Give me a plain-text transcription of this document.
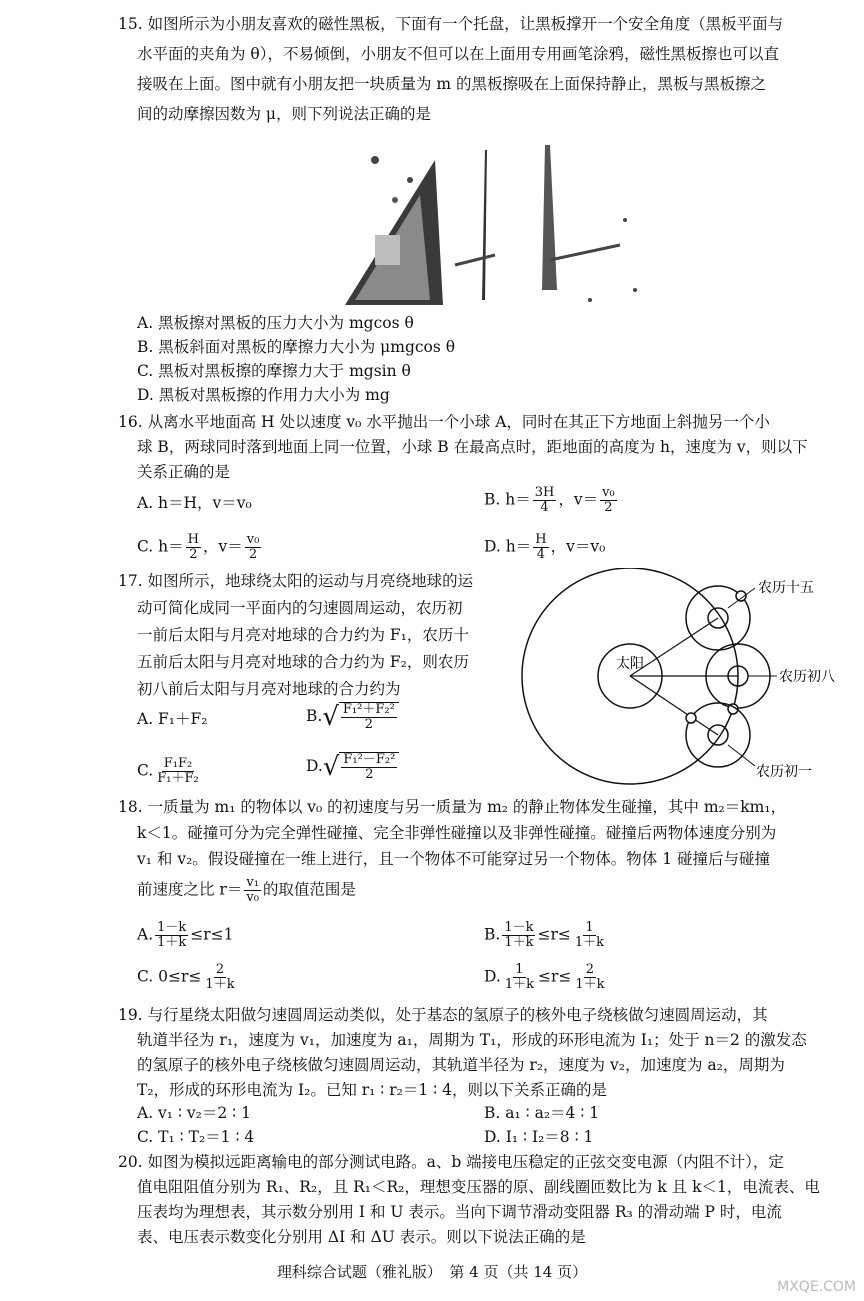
15. 如图所示为小朋友喜欢的磁性黑板，下面有一个托盘，让黑板撑开一个安全角度（黑板平面与
水平面的夹角为 θ），不易倾倒，小朋友不但可以在上面用专用画笔涂鸦，磁性黑板擦也可以直
接吸在上面。图中就有小朋友把一块质量为 m 的黑板擦吸在上面保持静止，黑板与黑板擦之
间的动摩擦因数为 μ，则下列说法正确的是
A. 黑板擦对黑板的压力大小为 mgcos θ
B. 黑板斜面对黑板的摩擦力大小为 μmgcos θ
C. 黑板对黑板擦的摩擦力大于 mgsin θ
D. 黑板对黑板擦的作用力大小为 mg
16. 从离水平地面高 H 处以速度 v₀ 水平抛出一个小球 A，同时在其正下方地面上斜抛另一个小
球 B，两球同时落到地面上同一位置，小球 B 在最高点时，距地面的高度为 h，速度为 v，则以下
关系正确的是
A. h＝H，v＝v₀	B. $h= \frac{3H}{4}$ ，$v= \frac{\text{v₀}}{2}$
C. $h= \frac{H}{2}$ ，$v= \frac{\text{v₀}}{2}$	D. $h= \frac{H}{4}$ ，v＝v₀
17. 如图所示，地球绕太阳的运动与月亮绕地球的运
动可简化成同一平面内的匀速圆周运动，农历初
一前后太阳与月亮对地球的合力约为 F₁，农历十
五前后太阳与月亮对地球的合力约为 F₂，则农历
初八前后太阳与月亮对地球的合力约为
A. F₁＋F₂	B. √ $\frac{\text{F₁²＋F₂²}}{2}$
C. $\frac{\text{F₁F₂}}{\text{F₁＋F₂}}$	D. √ $\frac{\text{F₁²－F₂²}}{2}$
太阳
农历十五
农历初八
农历初一
18. 一质量为 m₁ 的物体以 v₀ 的初速度与另一质量为 m₂ 的静止物体发生碰撞，其中 m₂＝km₁，
k＜1。碰撞可分为完全弹性碰撞、完全非弹性碰撞以及非弹性碰撞。碰撞后两物体速度分别为
v₁ 和 v₂。假设碰撞在一维上进行，且一个物体不可能穿过另一个物体。物体 1 碰撞后与碰撞
前速度之比 $r= \frac{\text{v₁}}{\text{v₀}}$ 的取值范围是
A. $\frac{1-k}{1+k} \le r\le 1$	B. $\frac{1-k}{1+k} \le r\le \frac{1}{1+k}$
C. $0\le r\le \frac{2}{1+k}$	D. $\frac{1}{1+k} \le r\le \frac{2}{1+k}$
19. 与行星绕太阳做匀速圆周运动类似，处于基态的氢原子的核外电子绕核做匀速圆周运动，其
轨道半径为 r₁，速度为 v₁，加速度为 a₁，周期为 T₁，形成的环形电流为 I₁；处于 n＝2 的激发态
的氢原子的核外电子绕核做匀速圆周运动，其轨道半径为 r₂，速度为 v₂，加速度为 a₂，周期为
T₂，形成的环形电流为 I₂。已知 r₁ ∶ r₂＝1 ∶ 4，则以下关系正确的是
A. v₁ ∶ v₂＝2 ∶ 1	B. a₁ ∶ a₂＝4 ∶ 1
C. T₁ ∶ T₂＝1 ∶ 4	D. I₁ ∶ I₂＝8 ∶ 1
20. 如图为模拟远距离输电的部分测试电路。a、b 端接电压稳定的正弦交变电源（内阻不计），定
值电阻阻值分别为 R₁、R₂，且 R₁＜R₂，理想变压器的原、副线圈匝数比为 k 且 k＜1，电流表、电
压表均为理想表，其示数分别用 I 和 U 表示。当向下调节滑动变阻器 R₃ 的滑动端 P 时，电流
表、电压表示数变化分别用 ΔI 和 ΔU 表示。则以下说法正确的是
理科综合试题（雅礼版）　第 4 页（共 14 页）
MXQE.COM
